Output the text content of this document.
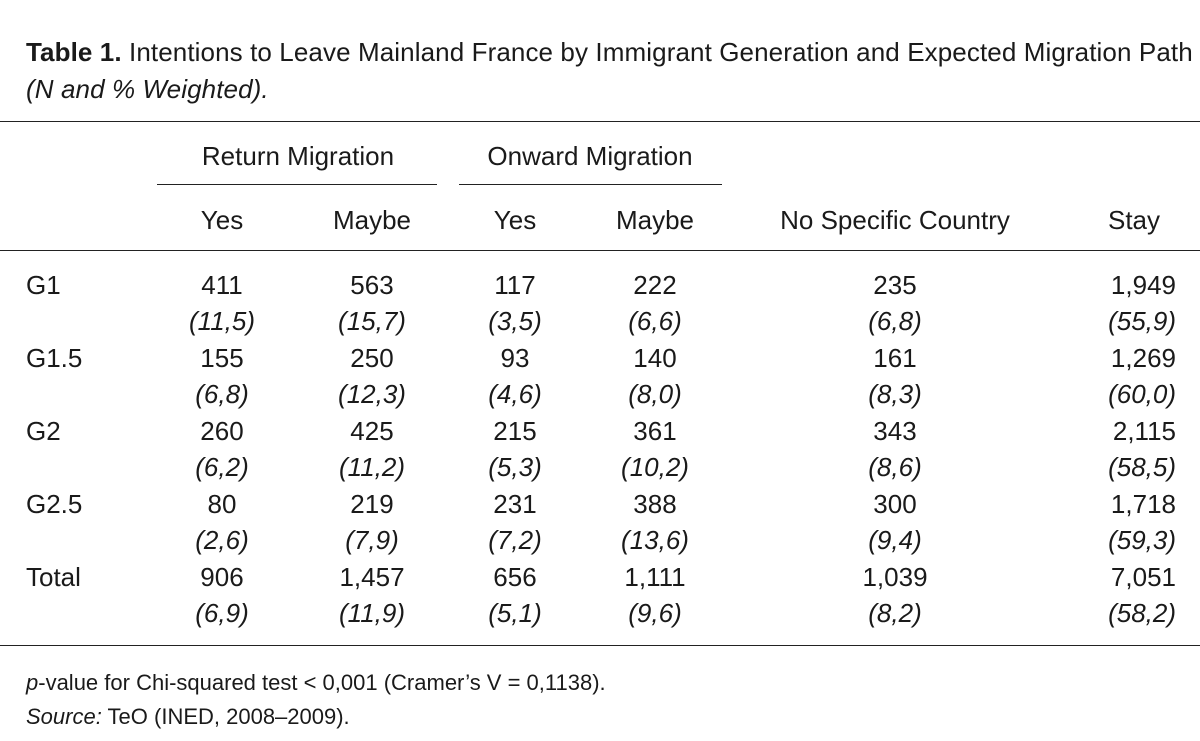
Table 1. Intentions to Leave Mainland France by Immigrant Generation and Expected Migration Path (N and % Weighted).
Return Migration	Onward Migration
Yes	Maybe	Yes	Maybe	No Specific Country	Stay
G1	411	563	117	222	235	1,949
(11,5)	(15,7)	(3,5)	(6,6)	(6,8)	(55,9)
G1.5	155	250	93	140	161	1,269
(6,8)	(12,3)	(4,6)	(8,0)	(8,3)	(60,0)
G2	260	425	215	361	343	2,115
(6,2)	(11,2)	(5,3)	(10,2)	(8,6)	(58,5)
G2.5	80	219	231	388	300	1,718
(2,6)	(7,9)	(7,2)	(13,6)	(9,4)	(59,3)
Total	906	1,457	656	1,111	1,039	7,051
(6,9)	(11,9)	(5,1)	(9,6)	(8,2)	(58,2)
p-value for Chi-squared test < 0,001 (Cramer’s V = 0,1138).
Source: TeO (INED, 2008–2009).
